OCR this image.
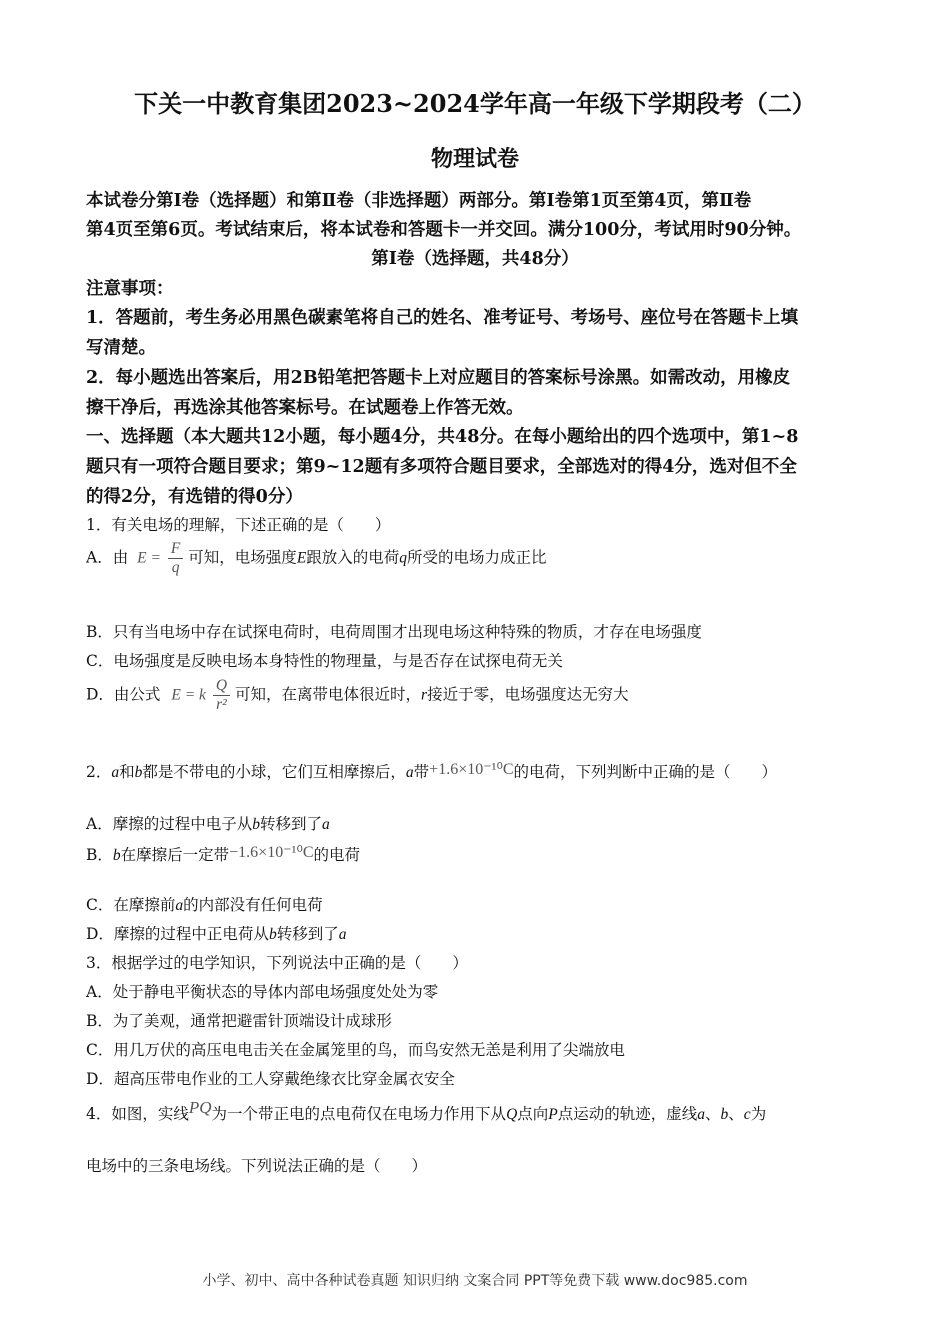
下关一中教育集团2023~2024学年高一年级下学期段考（二）
物理试卷
本试卷分第Ⅰ卷（选择题）和第Ⅱ卷（非选择题）两部分。第Ⅰ卷第1页至第4页，第Ⅱ卷
第4页至第6页。考试结束后，将本试卷和答题卡一并交回。满分100分，考试用时90分钟。
第Ⅰ卷（选择题，共48分）
注意事项：
1．答题前，考生务必用黑色碳素笔将自己的姓名、准考证号、考场号、座位号在答题卡上填
写清楚。
2．每小题选出答案后，用2B铅笔把答题卡上对应题目的答案标号涂黑。如需改动，用橡皮
擦干净后，再选涂其他答案标号。在试题卷上作答无效。
一、选择题（本大题共12小题，每小题4分，共48分。在每小题给出的四个选项中，第1~8
题只有一项符合题目要求；第9~12题有多项符合题目要求，全部选对的得4分，选对但不全
的得2分，有选错的得0分）
1．有关电场的理解，下述正确的是（　　）
A．由 $E = \frac{F}{q}$ 可知，电场强度E跟放入的电荷q所受的电场力成正比
B．只有当电场中存在试探电荷时，电荷周围才出现电场这种特殊的物质，才存在电场强度
C．电场强度是反映电场本身特性的物理量，与是否存在试探电荷无关
D．由公式 E = k $\frac{Q}{\text{r²}}$ 可知，在离带电体很近时，r接近于零，电场强度达无穷大
2．a和b都是不带电的小球，它们互相摩擦后，a带+1.6×10⁻¹⁰C的电荷，下列判断中正确的是（　　）
A．摩擦的过程中电子从b转移到了a
B．b在摩擦后一定带−1.6×10⁻¹⁰C的电荷
C．在摩擦前a的内部没有任何电荷
D．摩擦的过程中正电荷从b转移到了a
3．根据学过的电学知识，下列说法中正确的是（　　）
A．处于静电平衡状态的导体内部电场强度处处为零
B．为了美观，通常把避雷针顶端设计成球形
C．用几万伏的高压电电击关在金属笼里的鸟，而鸟安然无恙是利用了尖端放电
D．超高压带电作业的工人穿戴绝缘衣比穿金属衣安全
4．如图，实线PQ为一个带正电的点电荷仅在电场力作用下从Q点向P点运动的轨迹，虚线a、b、c为
电场中的三条电场线。下列说法正确的是（　　）
小学、初中、高中各种试卷真题 知识归纳 文案合同 PPT等免费下载 www.doc985.com
